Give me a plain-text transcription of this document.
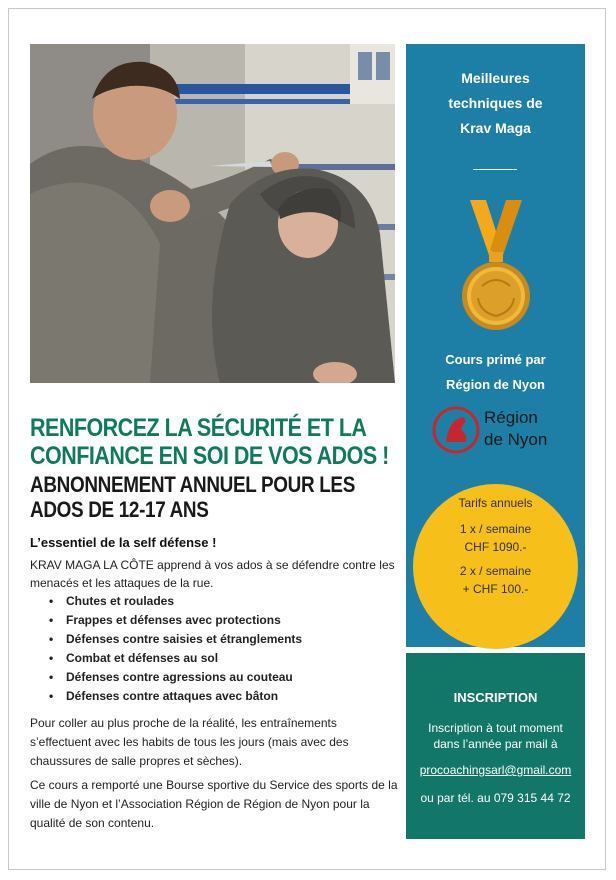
RENFORCEZ LA SÉCURITÉ ET LA CONFIANCE EN SOI DE VOS ADOS !
ABNONNEMENT ANNUEL POUR LES ADOS DE 12-17 ANS

L’essentiel de la self défense !

KRAV MAGA LA CÔTE apprend à vos ados à se défendre contre les menacés et les attaques de la rue.

• Chutes et roulades
• Frappes et défenses avec protections
• Défenses contre saisies et étranglements
• Combat et défenses au sol
• Défenses contre agressions au couteau
• Défenses contre attaques avec bâton

Pour coller au plus proche de la réalité, les entraînements s’effectuent avec les habits de tous les jours (mais avec des chaussures de salle propres et sèches).

Ce cours a remporté une Bourse sportive du Service des sports de la ville de Nyon et l’Association Région de Région de Nyon pour la qualité de son contenu.

Meilleures
techniques de
Krav Maga

Cours primé par
Région de Nyon

Région
de Nyon

Tarifs annuels

1 x / semaine
CHF 1090.-

2 x / semaine
+ CHF 100.-

INSCRIPTION

Inscription à tout moment dans l’année par mail à

procoachingsarl@gmail.com

ou par tél. au 079 315 44 72
